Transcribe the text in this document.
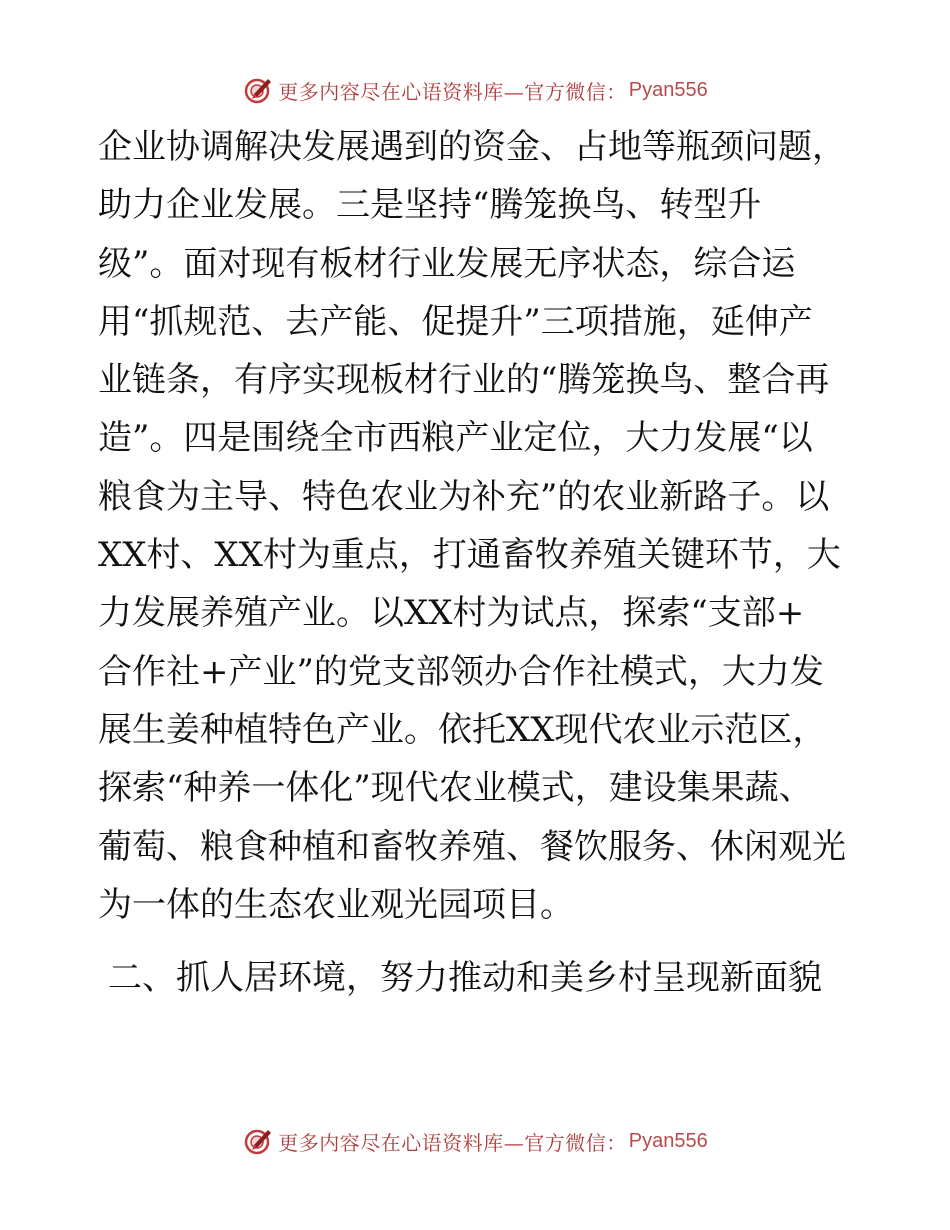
更多内容尽在心语资料库—官方微信： Pyan556
企业协调解决发展遇到的资金、占地等瓶颈问题，
助力企业发展。三是坚持“腾笼换鸟、转型升
级”。面对现有板材行业发展无序状态，综合运
用“抓规范、去产能、促提升”三项措施，延伸产
业链条，有序实现板材行业的“腾笼换鸟、整合再
造”。四是围绕全市西粮产业定位，大力发展“以
粮食为主导、特色农业为补充”的农业新路子。以
XX村、XX村为重点，打通畜牧养殖关键环节，大
力发展养殖产业。以XX村为试点，探索“支部+
合作社+产业”的党支部领办合作社模式，大力发
展生姜种植特色产业。依托XX现代农业示范区，
探索“种养一体化”现代农业模式，建设集果蔬、
葡萄、粮食种植和畜牧养殖、餐饮服务、休闲观光
为一体的生态农业观光园项目。
二、抓人居环境，努力推动和美乡村呈现新面貌
更多内容尽在心语资料库—官方微信： Pyan556
